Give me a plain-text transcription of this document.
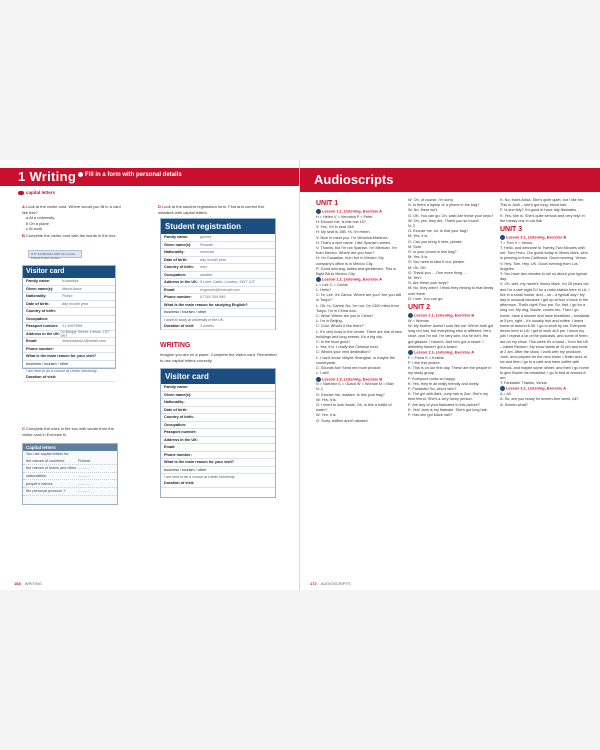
1 Writing	Fill in a form with personal details
capital letters
A Look at the visitor card. Where would you fill in a card like this?
a At a university
b On a plane
c At work
B Complete the visitor card with the words in the box.
GTT 12/45/2043 1987 10 months Poland Polish student
Visitor card
Family name:	Kowalska
Given name(s):	Marta Anna
Nationality:	Polish
Date of birth:	day month year
Country of birth:
Occupation:
Passport number: 21 4567899
Address in the UK: 24 Bridge Street, Leeds, LS7 9RT
Email:	mkowalska21@email.com
Phone number:
What is the main reason for your visit?
business / tourism / other
I am here to do a course at Leeds University.
Duration of visit:
C Complete the rules in the box with words from the visitor card in Exercise B.
Capital letters
You use capital letters for:
the names of countries	Poland
the names of towns and cities ...........
nationalities	...........
people's names	...........
the personal pronoun 'I'	...........
D Look at the student registration form. Find and correct five mistakes with capital letters.
Student registration
Family name:	gomez
Given name(s):	Ricardo
Nationality:	mexican
Date of birth:	day month year
Country of birth:	mex
Occupation:	student
Address in the UK: 5 Leek Cabin, London, SW7 3JT
Email:	ricgomez@hotmail.com
Phone number:	07746 354 999
What is the main reason for studying English?
business / tourism / other
I want to study at university in the UK.
Duration of visit:	3 weeks
WRITING
Imagine you are on a plane. Complete the visitor card. Remember to use capital letters correctly.
Visitor card
Family name:
Given name(s):
Nationality:
Date of birth:
Country of birth:
Occupation:
Passport number:
Address in the UK:
Email:
Phone number:
What is the main reason for your visit?
business / tourism / other
I am here to do a course at Leeds University.
Duration of visit:
168 WRITING
Audioscripts
UNIT 1
Lesson 1.1, Listening, Exercise A
H = Helen V = Veronica P = Peter
H: Excuse me, is this row 15?
V: Yes, I'm in seat 15A.
H: My seat is 15B. Hi, I'm Helen.
V: Nice to meet you. I'm Veronica Martinez.
H: That's a nice name. I like Spanish names.
V: Thanks, but I'm not Spanish. I'm Mexican. I'm from Mexico. Where are you from?
H: I'm Canadian, but I live in Mexico. My company's office is in Mexico City.
P: Good morning, ladies and gentlemen. This is flight BA to Mexico City.
Lesson 1.2, Listening, Exercise A
L = Lee C = Carlos
L: Hello?
C: Hi, Lee, it's Carlos. Where are you? Are you still in Tokyo?
L: Oh, hi, Carlos! No, I'm not. I'm 1300 miles from Tokyo. I'm in China now.
C: Wow! Where are you in China?
L: I'm in Beijing.
C: Cool. What's it like there?
L: It's very busy in the centre. There are lots of new buildings and long streets. It's a big city.
C: Is the food good?
L: Yes, it is. I really like Chinese food.
C: What's your next destination?
L: I don't know. Maybe Shanghai, or maybe the countryside.
C: Sounds fun! Send me more photos!
L: I will!
Lesson 1.3, Listening, Exercise B
N = Narrator G = Guard W = Woman M = Man
N: 1
G: Excuse me, madam. Is this your bag?
W: Yes, it is.
G: I need to look inside. Oh, is this a bottle of water?
W: Yes, it is.
G: Sorry, bottles aren't allowed.
W: Oh, of course. I'm sorry.
G: Is there a laptop or a phone in the bag?
W: No, there isn't.
G: OK. You can go. Oh, wait! Are these your keys?
W: Oh, yes, they are. Thank you so much!
N: 2
G: Excuse me, sir. Is that your bag?
M: Yes, it is.
G: Can you bring it here, please.
M: Sure.
G: Is your phone in this bag?
M: Yes, it is.
G: You need to take it out, please.
M: Ok. OK.
G: Thank you ... One more thing ...
M: Yes?
G: Are these your keys?
M: No, they aren't. I think they belong to that family over there.
G: I see. You can go.
UNIT 2
Lesson 2.1, Listening, Exercise B
W = Woman
W: My brother doesn't look like me. We've both got long red hair, but everything else is different. He's short, and I'm not. I'm very slim, but he isn't. His got glasses. I haven't. And he's got a beard. I definitely haven't got a beard.
Lesson 2.3, Listening, Exercise A
F = Fiona K = Keisha
F: I like this picture.
K: This is on our first day. These are the people in my study group.
F: Everyone looks so happy.
K: Yes, they're all really friendly and lovely.
F: Fantastic! So, who's who?
K: The girl with dark, curly hair is Zoe. She's my best friend. She's a very funny person.
F: Are any of your flatmates in this picture?
K: Yes! Josh is my flatmate. She's got long hair.
F: Has she got black hair?
K: No, that's Alicia. She's quite quiet, but I like her. This is Josh – she's got long, blond hair.
F: Is she tidy? I'm good to have tidy flatmates.
K: Yes, she is. She's quite serious and very tidy! In the messy one in our flat!
UNIT 3
Lesson 3.1, Listening, Exercise B
T = Tom V = Venus
T: Hello, and welcome to Twenty-Two Minutes with me, Tom Ferro. Our guest today is Venus Mark, who is phoning in from California. Good morning, Venus.
V: Hey, Tom. Hey, UK. Good evening from Los Angeles.
T: You have two minutes to tell us about your typical day.
V: Oh, well, my name's Venus Mark, I'm 25 years old and I'm a late night DJ for a radio station here in LA. I live in a small house, and – uh – a typical day? My day is unusual because I get up at four o'clock in the afternoon. That's right! Four pm. So, first, I go for a long run. My dog, Bowie, comes too. Then I go home, have a shower and have breakfast – breakfast at 5 pm, right – it's usually fruit and coffee. I leave home at around 6:30. I go to work by car. Everyone drives here in LA! I get to work at 8 pm. I know my job! I repeat a lot of the podcasts, and some of them are on my show. This week it's a band – from the UK – called Reuben. My show starts at 10 pm and ends at 2 am. After the show, I work with my producer, Josh, and prepare for the next show. I finish work at six and then I go to a café and have coffee with friends, and maybe some dinner, and then I go home to give Bowie his breakfast. I go to bed at around 8 am.
T: Fantastic! Thanks, Venus.
Lesson 3.2, Listening, Exercise A
A = Ali
A: So, are you ready for screen-free week, Ali?
A: Screen what?
172 AUDIOSCRIPTS
